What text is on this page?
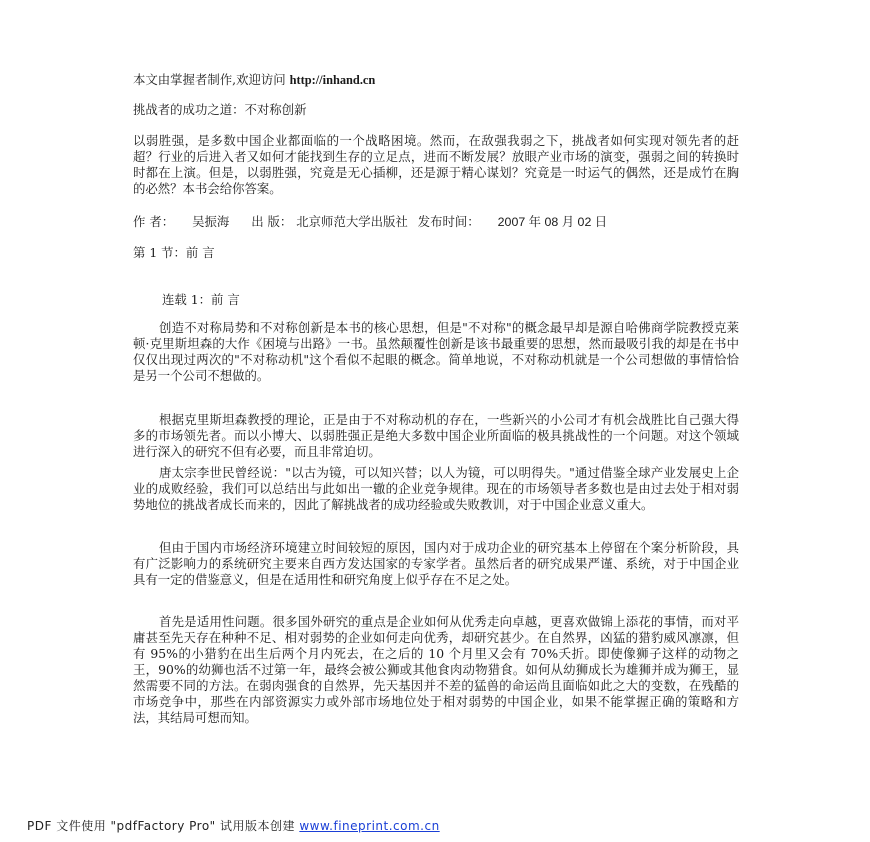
本文由掌握者制作,欢迎访问 http://inhand.cn
挑战者的成功之道：不对称创新
以弱胜强，是多数中国企业都面临的一个战略困境。然而，在敌强我弱之下，挑战者如何实现对领先者的赶超？行业的后进入者又如何才能找到生存的立足点，进而不断发展？放眼产业市场的演变，强弱之间的转换时时都在上演。但是，以弱胜强，究竟是无心插柳，还是源于精心谋划？究竟是一时运气的偶然，还是成竹在胸的必然？本书会给你答案。
作 者： 吴振海 出 版： 北京师范大学出版社 发布时间： 2007 年 08 月 02 日
第 1 节：前 言
连载 1：前 言
创造不对称局势和不对称创新是本书的核心思想，但是"不对称"的概念最早却是源自哈佛商学院教授克莱顿·克里斯坦森的大作《困境与出路》一书。虽然颠覆性创新是该书最重要的思想，然而最吸引我的却是在书中仅仅出现过两次的"不对称动机"这个看似不起眼的概念。简单地说，不对称动机就是一个公司想做的事情恰恰是另一个公司不想做的。
根据克里斯坦森教授的理论，正是由于不对称动机的存在，一些新兴的小公司才有机会战胜比自己强大得多的市场领先者。而以小博大、以弱胜强正是绝大多数中国企业所面临的极具挑战性的一个问题。对这个领域进行深入的研究不但有必要，而且非常迫切。
唐太宗李世民曾经说："以古为镜，可以知兴替；以人为镜，可以明得失。"通过借鉴全球产业发展史上企业的成败经验，我们可以总结出与此如出一辙的企业竞争规律。现在的市场领导者多数也是由过去处于相对弱势地位的挑战者成长而来的，因此了解挑战者的成功经验或失败教训，对于中国企业意义重大。
但由于国内市场经济环境建立时间较短的原因，国内对于成功企业的研究基本上停留在个案分析阶段，具有广泛影响力的系统研究主要来自西方发达国家的专家学者。虽然后者的研究成果严谨、系统，对于中国企业具有一定的借鉴意义，但是在适用性和研究角度上似乎存在不足之处。
首先是适用性问题。很多国外研究的重点是企业如何从优秀走向卓越，更喜欢做锦上添花的事情，而对平庸甚至先天存在种种不足、相对弱势的企业如何走向优秀，却研究甚少。在自然界，凶猛的猎豹威风凛凛，但有 95%的小猎豹在出生后两个月内死去，在之后的 10 个月里又会有 70%夭折。即使像狮子这样的动物之王，90%的幼狮也活不过第一年，最终会被公狮或其他食肉动物猎食。如何从幼狮成长为雄狮并成为狮王，显然需要不同的方法。在弱肉强食的自然界，先天基因并不差的猛兽的命运尚且面临如此之大的变数，在残酷的市场竞争中，那些在内部资源实力或外部市场地位处于相对弱势的中国企业，如果不能掌握正确的策略和方法，其结局可想而知。
PDF 文件使用 "pdfFactory Pro" 试用版本创建 www.fineprint.com.cn
